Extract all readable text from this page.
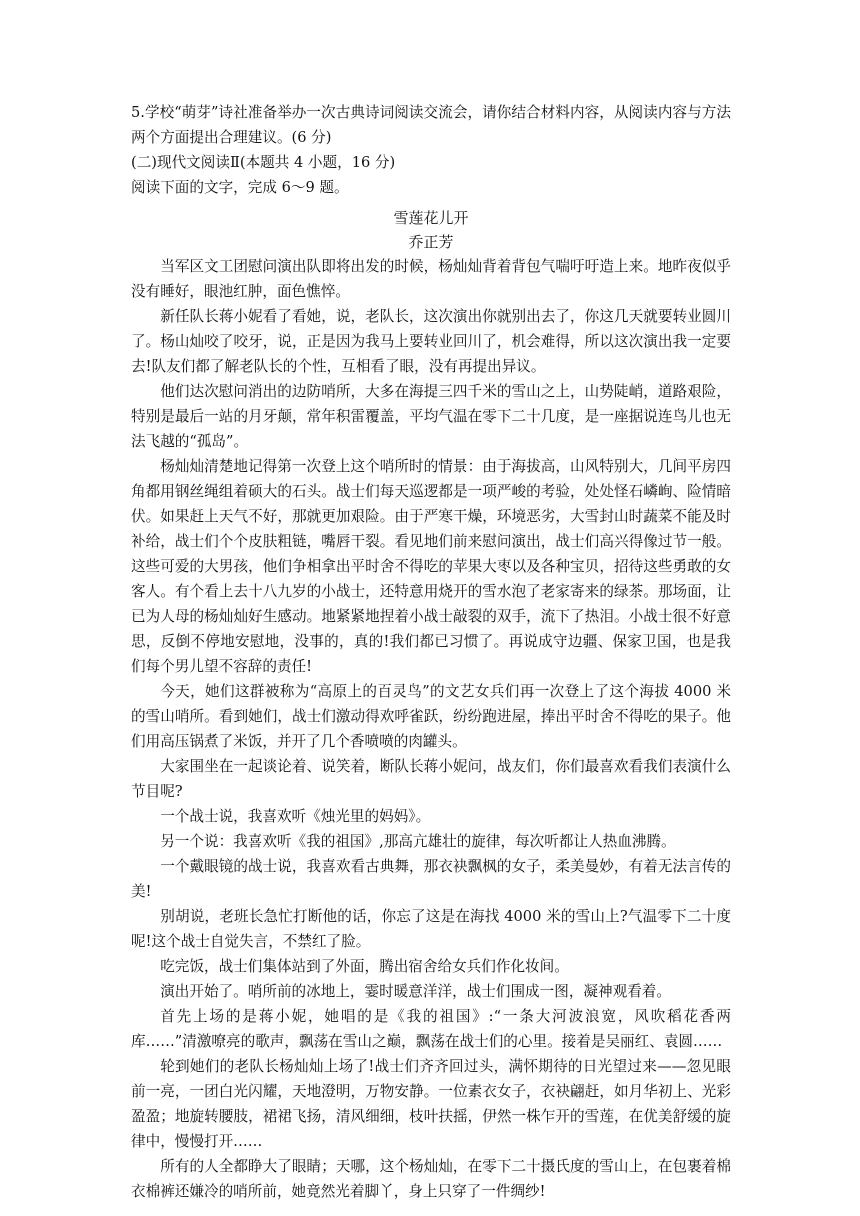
5.学校“萌芽”诗社准备举办一次古典诗词阅读交流会，请你结合材料内容，从阅读内容与方法两个方面提出合理建议。(6 分)

(二)现代文阅读Ⅱ(本题共 4 小题，16 分)

阅读下面的文字，完成 6～9 题。

雪莲花儿开

乔正芳

当军区文工团慰问演出队即将出发的时候，杨灿灿背着背包气喘吁吁造上来。地昨夜似乎没有睡好，眼池红肿，面色憔悴。

新任队长蒋小妮看了看她，说，老队长，这次演出你就别出去了，你这几天就要转业圆川了。杨山灿咬了咬牙，说，正是因为我马上要转业回川了，机会难得，所以这次演出我一定要去!队友们都了解老队长的个性，互相看了眼，没有再提出异议。

他们达次慰问消出的边防哨所，大多在海提三四千米的雪山之上，山势陡峭，道路艰险，特别是最后一站的月牙颠，常年积雷覆盖，平均气温在零下二十几度，是一座据说连鸟儿也无法飞越的“孤岛”。

杨灿灿清楚地记得第一次登上这个哨所时的情景：由于海拔高，山风特别大，几间平房四角都用钢丝绳组着硕大的石头。战士们每天巡逻都是一项严峻的考验，处处怪石嶙峋、险情暗伏。如果赶上天气不好，那就更加艰险。由于严寒干燥，环境恶劣，大雪封山时蔬菜不能及时补给，战士们个个皮肤粗链，嘴唇干裂。看见地们前来慰问演出，战士们高兴得像过节一般。这些可爱的大男孩，他们争相拿出平时舍不得吃的苹果大枣以及各种宝贝，招待这些勇敢的女客人。有个看上去十八九岁的小战士，还特意用烧开的雪水泡了老家寄来的绿茶。那场面，让已为人母的杨灿灿好生感动。地紧紧地捏着小战士敲裂的双手，流下了热泪。小战士很不好意思，反倒不停地安慰地，没事的，真的!我们都已习惯了。再说成守边疆、保家卫国，也是我们每个男儿望不容辞的责任!

今天，她们这群被称为“高原上的百灵鸟”的文艺女兵们再一次登上了这个海拔 4000 米的雪山哨所。看到她们，战士们激动得欢呼雀跃，纷纷跑进屋，捧出平时舍不得吃的果子。他们用高压锅煮了米饭，并开了几个香喷喷的肉罐头。

大家围坐在一起谈论着、说笑着，断队长蒋小妮问，战友们，你们最喜欢看我们表演什么节目呢?

一个战士说，我喜欢听《烛光里的妈妈》。

另一个说：我喜欢听《我的祖国》,那高亢雄壮的旋律，每次听都让人热血沸腾。

一个戴眼镜的战士说，我喜欢看古典舞，那衣袂飘枫的女子，柔美曼妙，有着无法言传的美!

别胡说，老班长急忙打断他的话，你忘了这是在海找 4000 米的雪山上?气温零下二十度呢!这个战士自觉失言，不禁红了脸。

吃完饭，战士们集体站到了外面，腾出宿舍给女兵们作化妆间。

演出开始了。哨所前的冰地上，霎时暖意洋洋，战士们围成一图，凝神观看着。

首先上场的是蒋小妮，她唱的是《我的祖国》:“一条大河波浪宽，风吹稻花香两库……”清激嘹亮的歌声，飘荡在雪山之巅，飘荡在战士们的心里。接着是吴丽红、袁圆……

轮到她们的老队长杨灿灿上场了!战士们齐齐回过头，满怀期待的日光望过来——忽见眼前一亮，一团白光闪耀，天地澄明，万物安静。一位素衣女子，衣袂翩赶，如月华初上、光彩盈盈；地旋转腰肢，裙裙飞扬，清风细细，枝叶扶摇，伊然一株乍开的雪莲，在优美舒缓的旋律中，慢慢打开……

所有的人全都睁大了眼睛；天哪，这个杨灿灿，在零下二十摄氏度的雪山上，在包裹着棉衣棉裤还嫌冷的哨所前，她竟然光着脚丫，身上只穿了一件绸纱!
